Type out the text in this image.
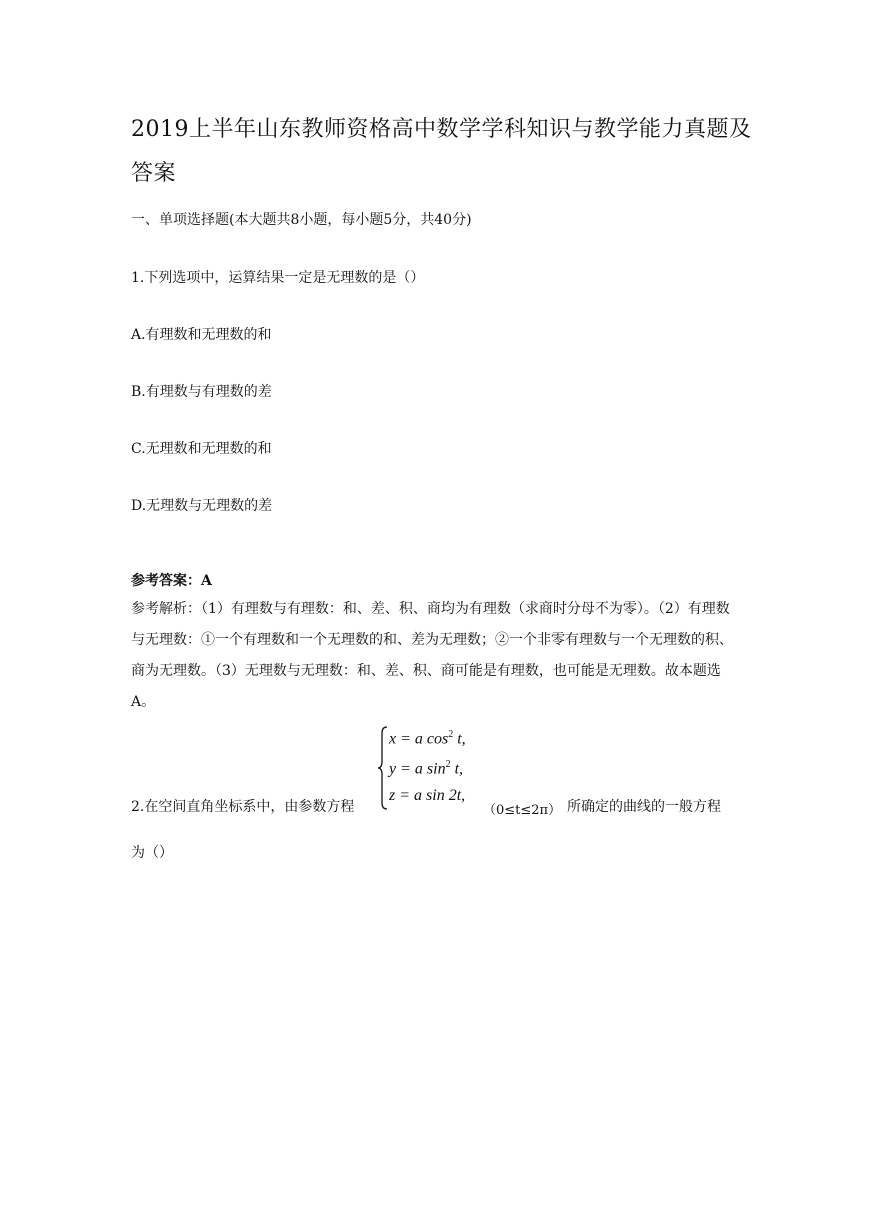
2019上半年山东教师资格高中数学学科知识与教学能力真题及答案
一、单项选择题(本大题共8小题，每小题5分，共40分)
1.下列选项中，运算结果一定是无理数的是（）
A.有理数和无理数的和
B.有理数与有理数的差
C.无理数和无理数的和
D.无理数与无理数的差
参考答案：A
参考解析：（1）有理数与有理数：和、差、积、商均为有理数（求商时分母不为零）。（2）有理数与无理数：①一个有理数和一个无理数的和、差为无理数；②一个非零有理数与一个无理数的积、商为无理数。（3）无理数与无理数：和、差、积、商可能是有理数，也可能是无理数。故本题选A。
2.在空间直角坐标系中，由参数方程
x = a $\cos^2 t$,
y = a $\sin^2 t$,
z = a sin 2t,
（0≤t≤2π） 所确定的曲线的一般方程
为（）
